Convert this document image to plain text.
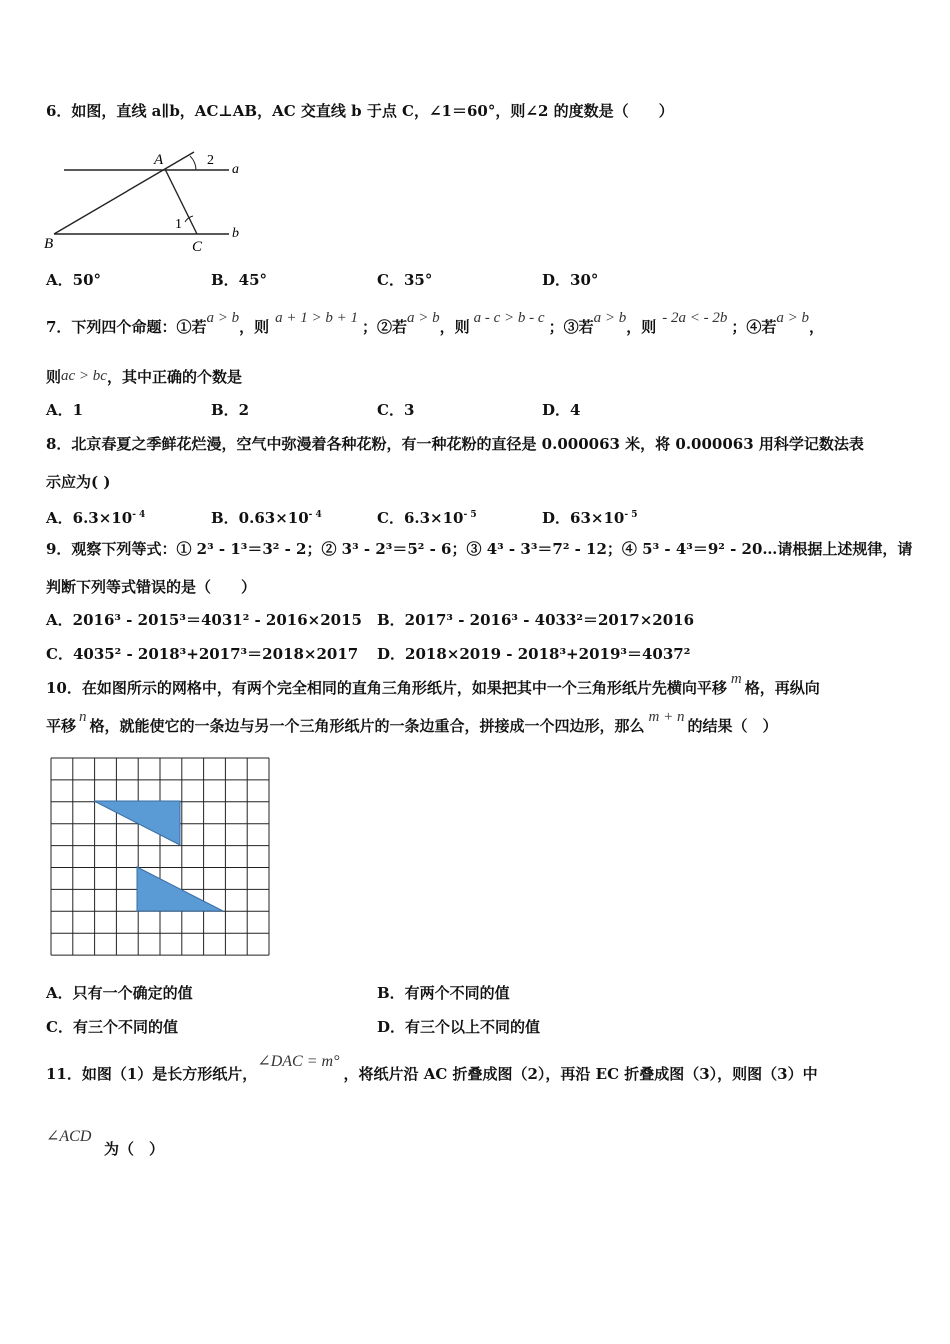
6．如图，直线 a∥b，AC⊥AB，AC 交直线 b 于点 C，∠1＝60°，则∠2 的度数是（　　）
A
B	C
a
b
1
2
A．50°	B．45°	C．35°	D．30°
7．下列四个命题：①若a > b，则 a + 1 > b + 1 ；②若a > b，则 a - c > b - c ；③若a > b，则 - 2a < - 2b ；④若a > b，
则ac > bc，其中正确的个数是
A．1	B．2	C．3	D．4
8．北京春夏之季鲜花烂漫，空气中弥漫着各种花粉，有一种花粉的直径是 0.000063 米，将 0.000063 用科学记数法表
示应为( )
A．$6.3\times 10^{- 4}$	B．$0.63\times 10^{- 4}$	C．$6.3\times 10^{- 5}$	D．$63\times 10^{- 5}$
9．观察下列等式：① 2³ - 1³＝3² - 2；② 3³ - 2³＝5² - 6；③ 4³ - 3³＝7² - 12；④ 5³ - 4³＝9² - 20…请根据上述规律，请
判断下列等式错误的是（　　）
A．2016³ - 2015³＝4031² - 2016×2015 B．2017³ - 2016³ - 4033²＝2017×2016
C．4035² - 2018³+2017³＝2018×2017 D．2018×2019 - 2018³+2019³＝4037²
10．在如图所示的网格中，有两个完全相同的直角三角形纸片，如果把其中一个三角形纸片先横向平移 m 格，再纵向
平移 n 格，就能使它的一条边与另一个三角形纸片的一条边重合，拼接成一个四边形，那么 m + n 的结果（　）
A．只有一个确定的值	B．有两个不同的值
C．有三个不同的值	D．有三个以上不同的值
11．如图（1）是长方形纸片，∠DAC = m°，将纸片沿 AC 折叠成图（2），再沿 EC 折叠成图（3），则图（3）中
∠ACD
为（　）
